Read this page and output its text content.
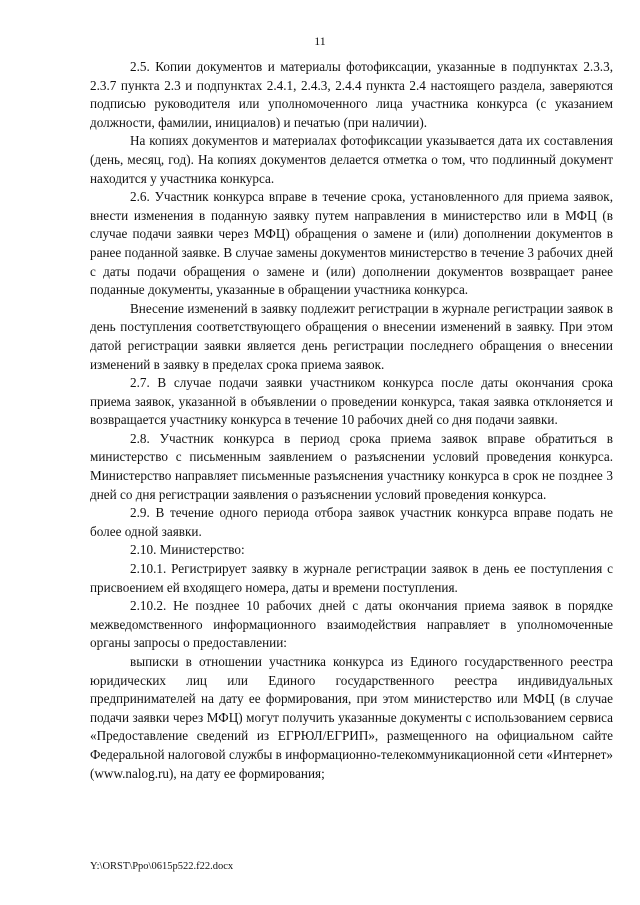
11

2.5. Копии документов и материалы фотофиксации, указанные в подпунктах 2.3.3, 2.3.7 пункта 2.3 и подпунктах 2.4.1, 2.4.3, 2.4.4 пункта 2.4 настоящего раздела, заверяются подписью руководителя или уполномоченного лица участника конкурса (с указанием должности, фамилии, инициалов) и печатью (при наличии).

На копиях документов и материалах фотофиксации указывается дата их составления (день, месяц, год). На копиях документов делается отметка о том, что подлинный документ находится у участника конкурса.

2.6. Участник конкурса вправе в течение срока, установленного для приема заявок, внести изменения в поданную заявку путем направления в министерство или в МФЦ (в случае подачи заявки через МФЦ) обращения о замене и (или) дополнении документов в ранее поданной заявке. В случае замены документов министерство в течение 3 рабочих дней с даты подачи обращения о замене и (или) дополнении документов возвращает ранее поданные документы, указанные в обращении участника конкурса.

Внесение изменений в заявку подлежит регистрации в журнале регистрации заявок в день поступления соответствующего обращения о внесении изменений в заявку. При этом датой регистрации заявки является день регистрации последнего обращения о внесении изменений в заявку в пределах срока приема заявок.

2.7. В случае подачи заявки участником конкурса после даты окончания срока приема заявок, указанной в объявлении о проведении конкурса, такая заявка отклоняется и возвращается участнику конкурса в течение 10 рабочих дней со дня подачи заявки.

2.8. Участник конкурса в период срока приема заявок вправе обратиться в министерство с письменным заявлением о разъяснении условий проведения конкурса. Министерство направляет письменные разъяснения участнику конкурса в срок не позднее 3 дней со дня регистрации заявления о разъяснении условий проведения конкурса.

2.9. В течение одного периода отбора заявок участник конкурса вправе подать не более одной заявки.

2.10. Министерство:

2.10.1. Регистрирует заявку в журнале регистрации заявок в день ее поступления с присвоением ей входящего номера, даты и времени поступления.

2.10.2. Не позднее 10 рабочих дней с даты окончания приема заявок в порядке межведомственного информационного взаимодействия направляет в уполномоченные органы запросы о предоставлении:

выписки в отношении участника конкурса из Единого государственного реестра юридических лиц или Единого государственного реестра индивидуальных предпринимателей на дату ее формирования, при этом министерство или МФЦ (в случае подачи заявки через МФЦ) могут получить указанные документы с использованием сервиса «Предоставление сведений из ЕГРЮЛ/ЕГРИП», размещенного на официальном сайте Федеральной налоговой службы в информационно-телекоммуникационной сети «Интернет» (www.nalog.ru), на дату ее формирования;

Y:\ORST\Ppo\0615p522.f22.docx
